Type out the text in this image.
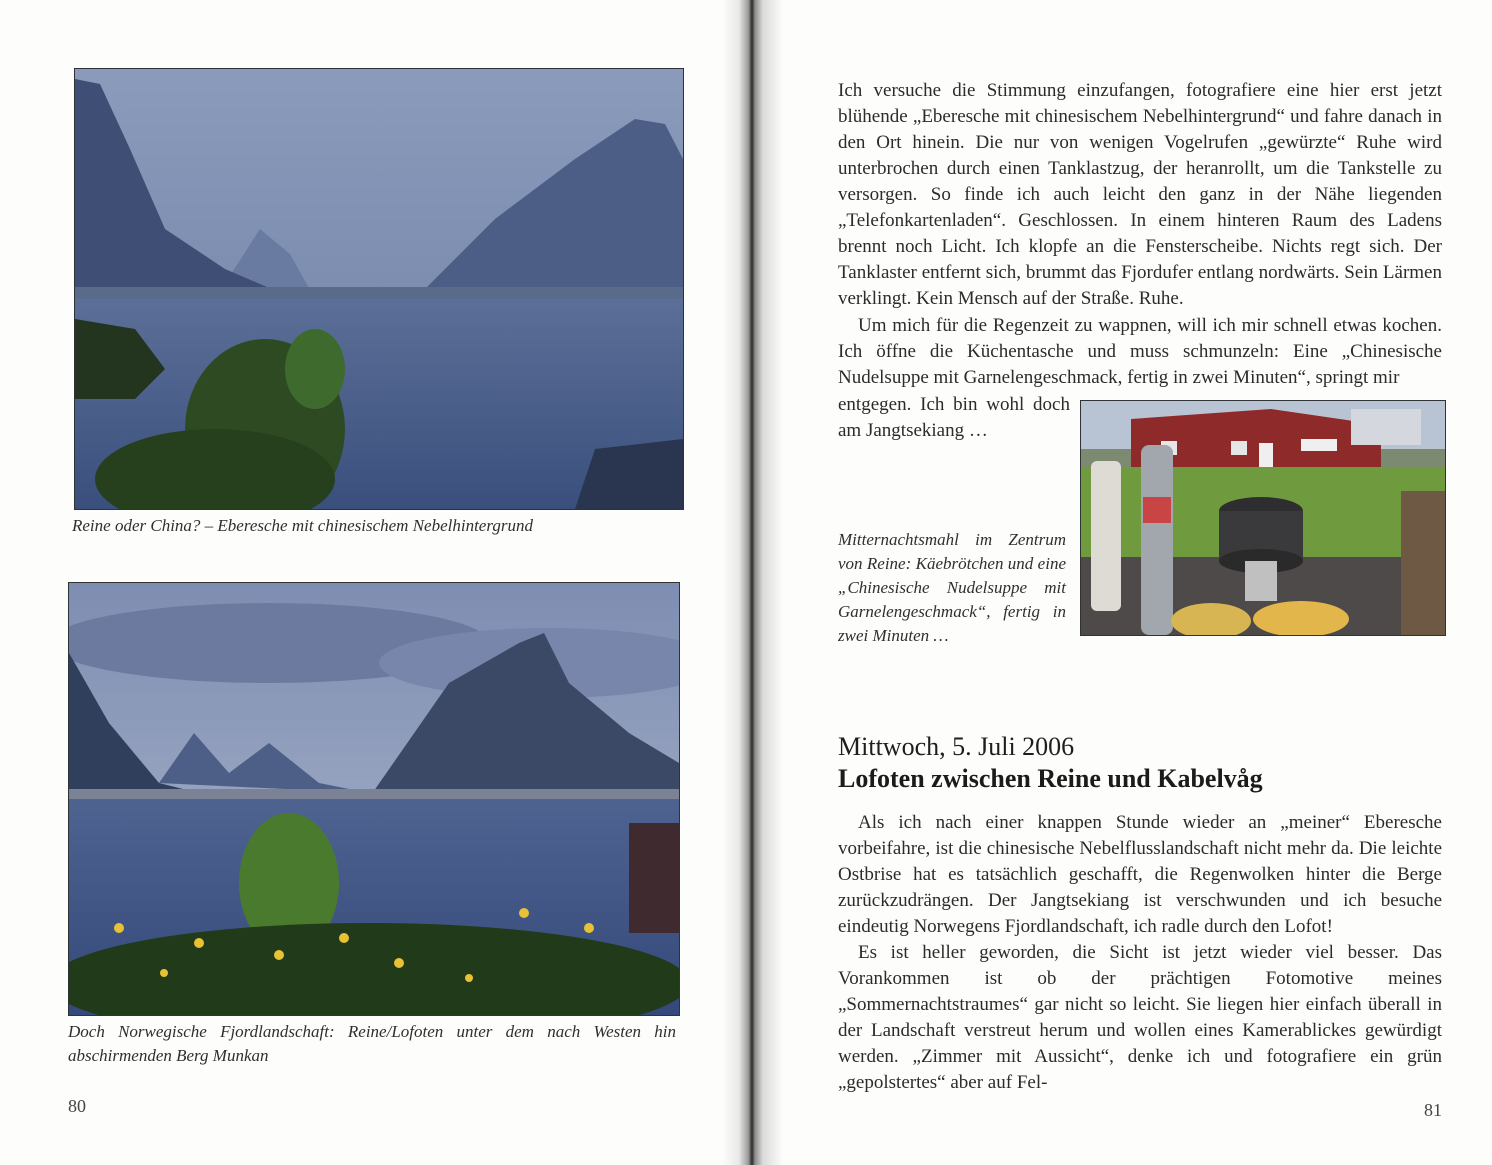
Reine oder China? – Eberesche mit chinesischem Nebelhintergrund
Doch Norwegische Fjordlandschaft: Reine/Lofoten unter dem nach Westen hin abschirmenden Berg Munkan
80

Ich versuche die Stimmung einzufangen, fotografiere eine hier erst jetzt blühende „Eberesche mit chinesischem Nebelhintergrund“ und fahre danach in den Ort hinein. Die nur von wenigen Vogelrufen „gewürzte“ Ruhe wird unterbrochen durch einen Tanklastzug, der heranrollt, um die Tankstelle zu versorgen. So finde ich auch leicht den ganz in der Nähe liegenden „Telefonkartenladen“. Geschlossen. In einem hinteren Raum des Ladens brennt noch Licht. Ich klopfe an die Fensterscheibe. Nichts regt sich. Der Tanklaster entfernt sich, brummt das Fjordufer entlang nordwärts. Sein Lärmen verklingt. Kein Mensch auf der Straße. Ruhe.

Um mich für die Regenzeit zu wappnen, will ich mir schnell etwas kochen. Ich öffne die Küchentasche und muss schmunzeln: Eine „Chinesische Nudelsuppe mit Garnelengeschmack, fertig in zwei Minuten“, springt mir

entgegen. Ich bin wohl doch am Jangtsekiang …

Mitternachtsmahl im Zentrum von Reine: Käebrötchen und eine „Chinesische Nudelsuppe mit Garnelengeschmack“, fertig in zwei Minuten …
Mittwoch, 5. Juli 2006
Lofoten zwischen Reine und Kabelvåg

Als ich nach einer knappen Stunde wieder an „meiner“ Eberesche vorbeifahre, ist die chinesische Nebelflusslandschaft nicht mehr da. Die leichte Ostbrise hat es tatsächlich geschafft, die Regenwolken hinter die Berge zurückzudrängen. Der Jangtsekiang ist verschwunden und ich besuche eindeutig Norwegens Fjordlandschaft, ich radle durch den Lofot!

Es ist heller geworden, die Sicht ist jetzt wieder viel besser. Das Vorankommen ist ob der prächtigen Fotomotive meines „Sommernachtstraumes“ gar nicht so leicht. Sie liegen hier einfach überall in der Landschaft verstreut herum und wollen eines Kamerablickes gewürdigt werden. „Zimmer mit Aussicht“, denke ich und fotografiere ein grün „gepolstertes“ aber auf Fel-

81
